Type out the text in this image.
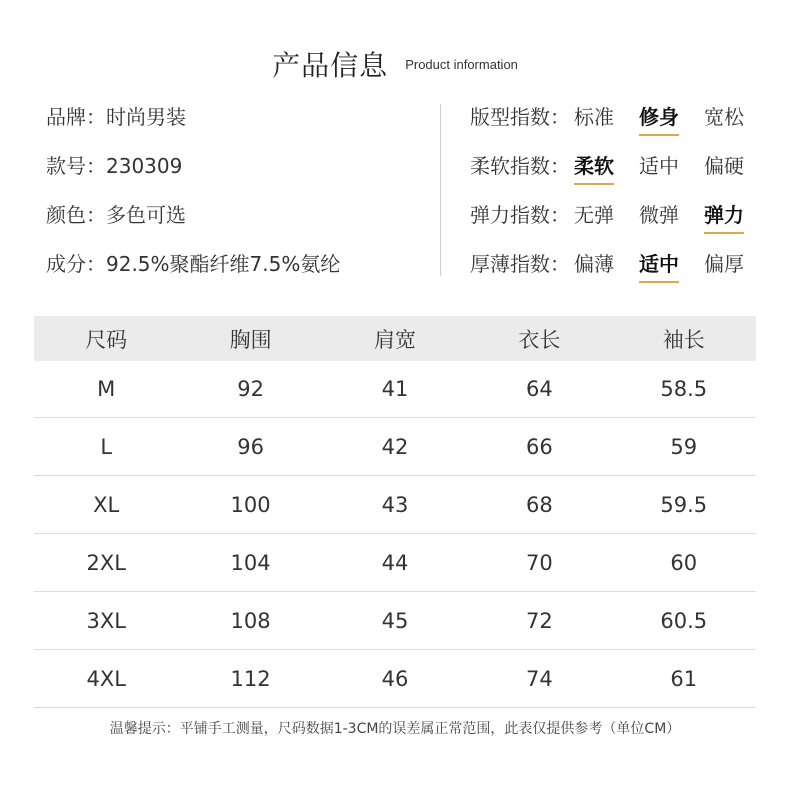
产品信息 Product information
品牌：时尚男装
款号：230309
颜色：多色可选
成分：92.5%聚酯纤维7.5%氨纶
版型指数： 标准	修身	宽松
柔软指数： 柔软	适中	偏硬
弹力指数： 无弹	微弹	弹力
厚薄指数： 偏薄	适中	偏厚
尺码	胸围	肩宽	衣长	袖长
M	92	41	64	58.5
L	96	42	66	59
XL	100	43	68	59.5
2XL	104	44	70	60
3XL	108	45	72	60.5
4XL	112	46	74	61
温馨提示：平铺手工测量，尺码数据1-3CM的误差属正常范围，此表仅提供参考（单位CM）
